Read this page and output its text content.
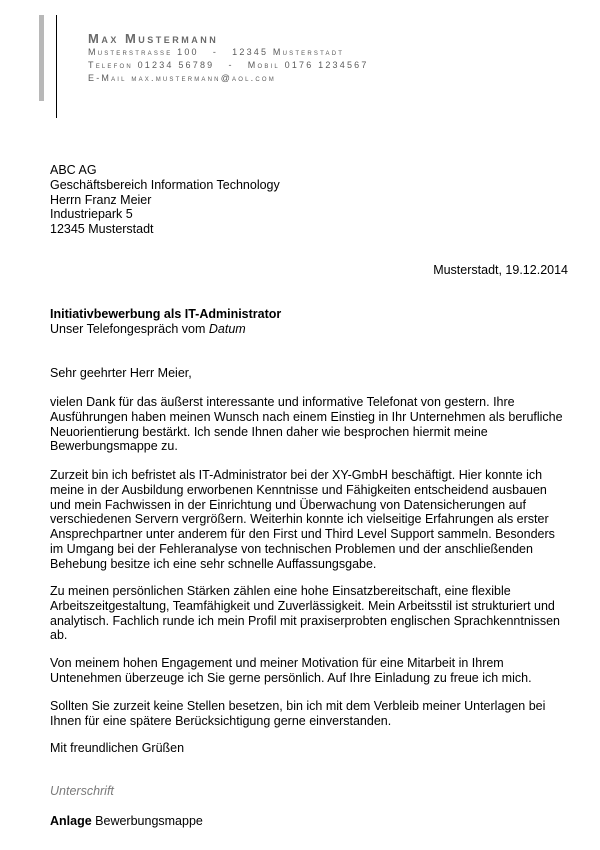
Max Mustermann
Musterstrasse 100   -   12345 Musterstadt
Telefon 01234 56789   -   Mobil 0176 1234567
E-Mail max.mustermann@aol.com
ABC AG
Geschäftsbereich Information Technology
Herrn Franz Meier
Industriepark 5
12345 Musterstadt
Musterstadt, 19.12.2014
Initiativbewerbung als IT-Administrator
Unser Telefongespräch vom Datum

Sehr geehrter Herr Meier,

vielen Dank für das äußerst interessante und informative Telefonat von gestern. Ihre

Ausführungen haben meinen Wunsch nach einem Einstieg in Ihr Unternehmen als berufliche

Neuorientierung bestärkt. Ich sende Ihnen daher wie besprochen hiermit meine

Bewerbungsmappe zu.

Zurzeit bin ich befristet als IT-Administrator bei der XY-GmbH beschäftigt. Hier konnte ich

meine in der Ausbildung erworbenen Kenntnisse und Fähigkeiten entscheidend ausbauen

und mein Fachwissen in der Einrichtung und Überwachung von Datensicherungen auf

verschiedenen Servern vergrößern. Weiterhin konnte ich vielseitige Erfahrungen als erster

Ansprechpartner unter anderem für den First und Third Level Support sammeln. Besonders

im Umgang bei der Fehleranalyse von technischen Problemen und der anschließenden

Behebung besitze ich eine sehr schnelle Auffassungsgabe.

Zu meinen persönlichen Stärken zählen eine hohe Einsatzbereitschaft, eine flexible

Arbeitszeitgestaltung, Teamfähigkeit und Zuverlässigkeit. Mein Arbeitsstil ist strukturiert und

analytisch. Fachlich runde ich mein Profil mit praxiserprobten englischen Sprachkenntnissen

ab.

Von meinem hohen Engagement und meiner Motivation für eine Mitarbeit in Ihrem

Untenehmen überzeuge ich Sie gerne persönlich. Auf Ihre Einladung zu freue ich mich.

Sollten Sie zurzeit keine Stellen besetzen, bin ich mit dem Verbleib meiner Unterlagen bei

Ihnen für eine spätere Berücksichtigung gerne einverstanden.

Mit freundlichen Grüßen

Unterschrift
Anlage Bewerbungsmappe
